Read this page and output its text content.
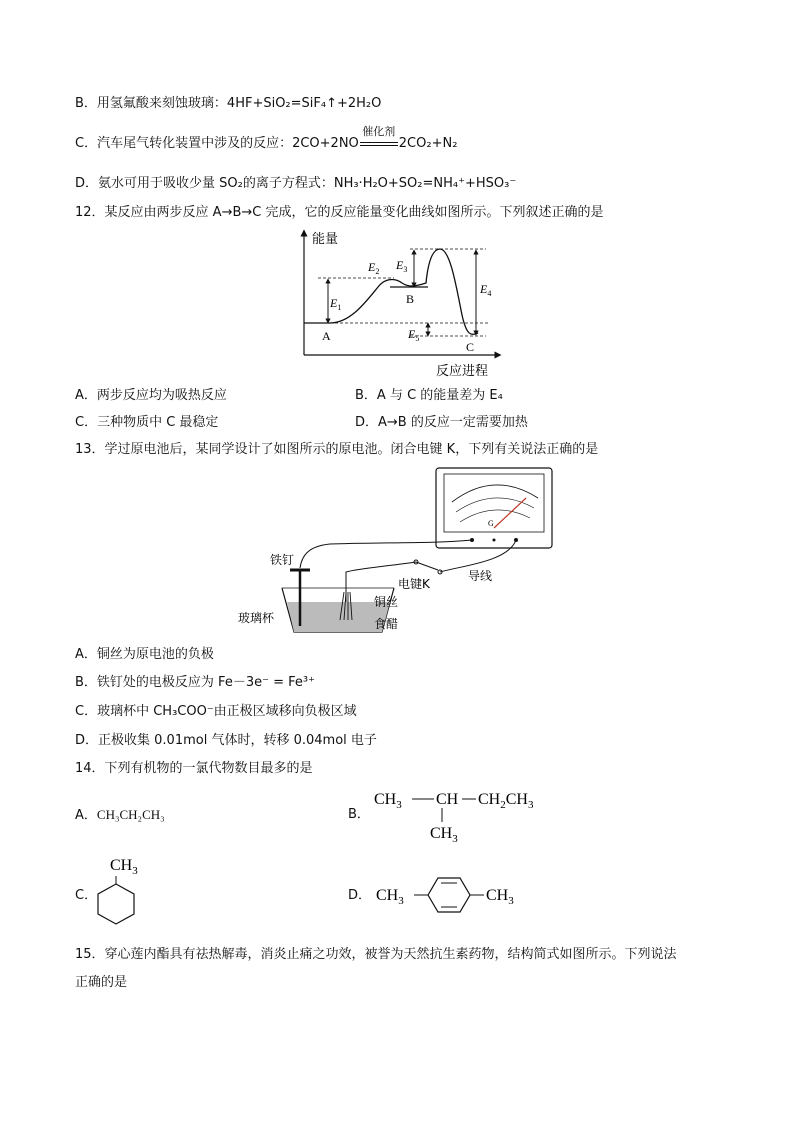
B．用氢氟酸来刻蚀玻璃：4HF+SiO₂=SiF₄↑+2H₂O
C．汽车尾气转化装置中涉及的反应：2CO+2NO
催化剂
2CO₂+N₂
D．氨水可用于吸收少量 SO₂的离子方程式：NH₃·H₂O+SO₂=NH₄⁺+HSO₃⁻
12．某反应由两步反应 A→B→C 完成，它的反应能量变化曲线如图所示。下列叙述正确的是
能量
反应进程
$E_1$
$E_2$ $E_3$
$E_4$
$E_5$
A
B
C
A．两步反应均为吸热反应	B．A 与 C 的能量差为 E₄
C．三种物质中 C 最稳定	D．A→B 的反应一定需要加热
13．学过原电池后，某同学设计了如图所示的原电池。闭合电键 K，下列有关说法正确的是
G
铁钉
电键K
导线
铜丝
玻璃杯	食醋
A．铜丝为原电池的负极
B．铁钉处的电极反应为 Fe－3e⁻ = Fe³⁺
C．玻璃杯中 CH₃COO⁻由正极区域移向负极区域
D．正极收集 0.01mol 气体时，转移 0.04mol 电子
14．下列有机物的一氯代物数目最多的是
A．CH₃CH₂CH₃	B．
$CH_3$ CH $CH_2CH_3$
$CH_3$
C．
$CH_3$
D． $CH_3$	$CH_3$
15．穿心莲内酯具有祛热解毒，消炎止痛之功效，被誉为天然抗生素药物，结构简式如图所示。下列说法
正确的是
